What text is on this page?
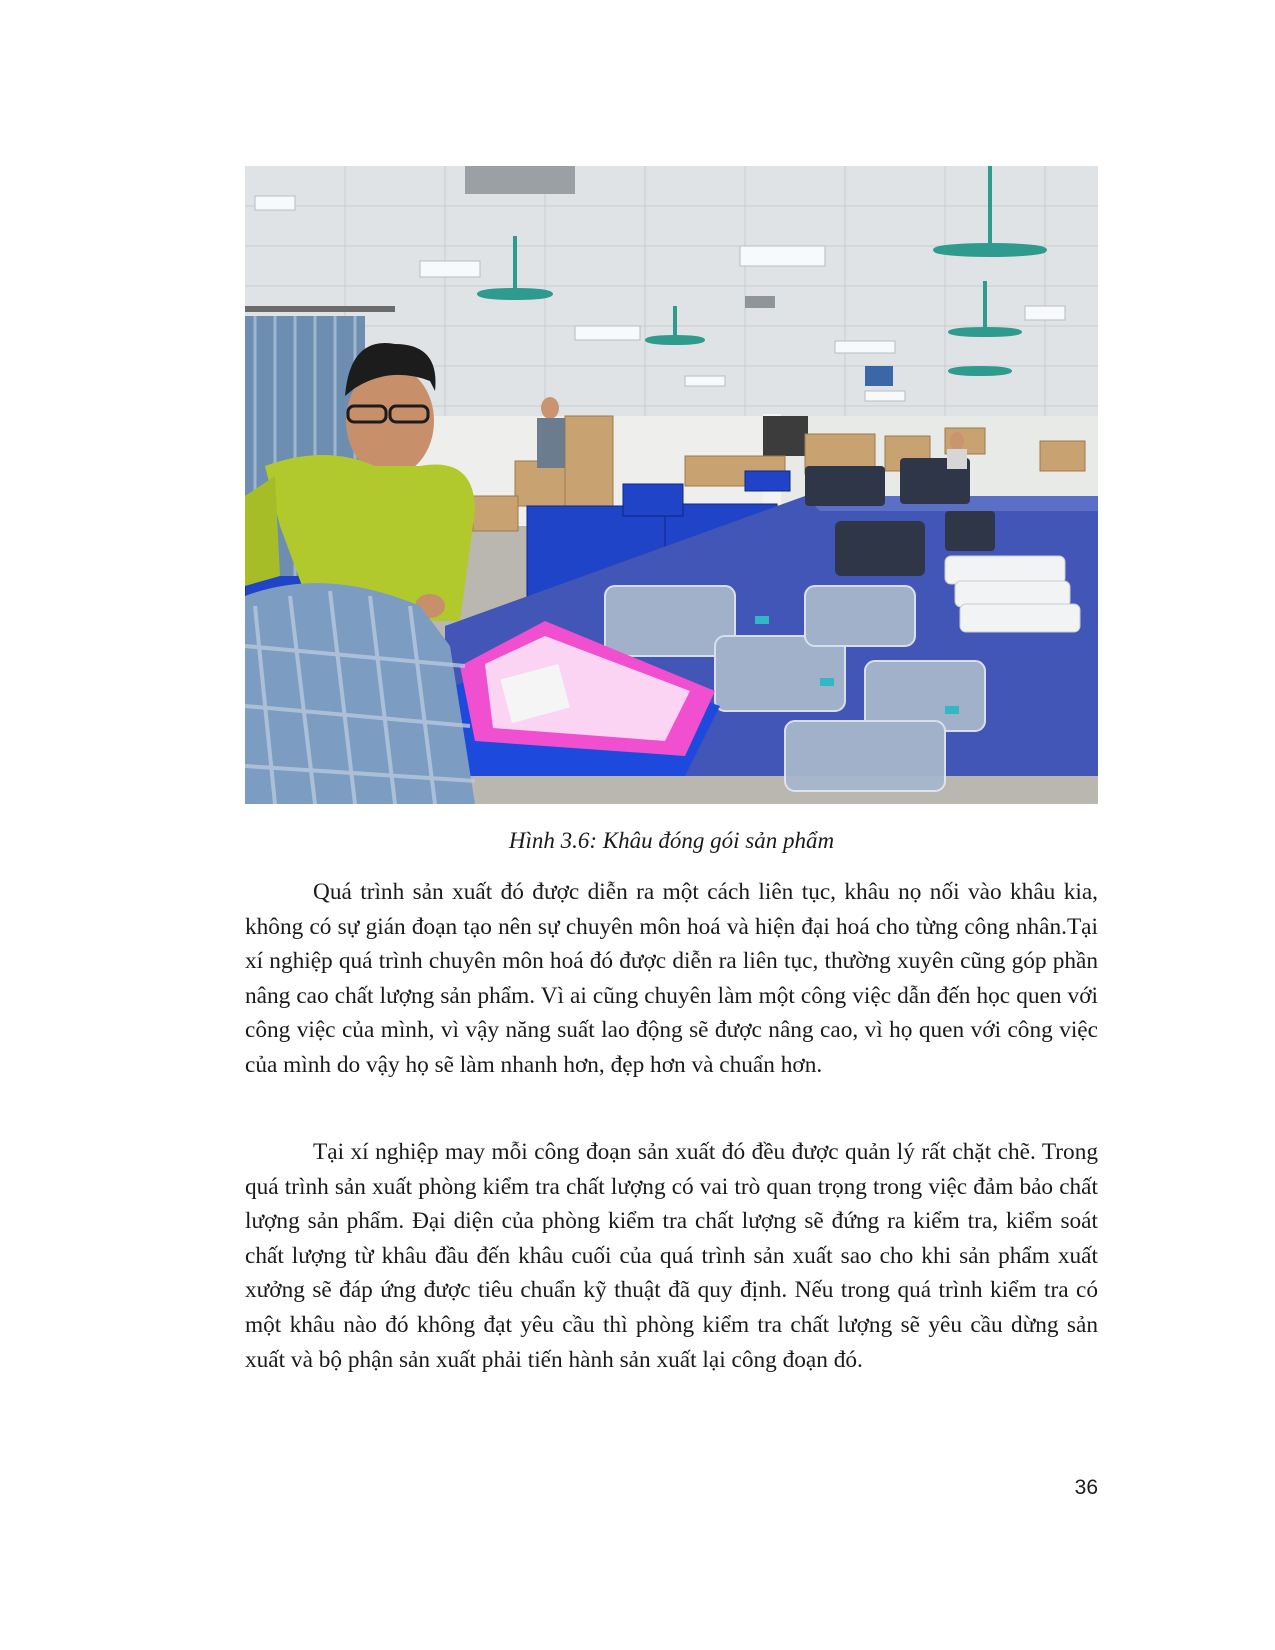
Hình 3.6: Khâu đóng gói sản phẩm

Quá trình sản xuất đó được diễn ra một cách liên tục, khâu nọ nối vào khâu kia, không có sự gián đoạn tạo nên sự chuyên môn hoá và hiện đại hoá cho từng công nhân.Tại xí nghiệp quá trình chuyên môn hoá đó được diễn ra liên tục, thường xuyên cũng góp phần nâng cao chất lượng sản phẩm. Vì ai cũng chuyên làm một công việc dẫn đến học quen với công việc của mình, vì vậy năng suất lao động sẽ được nâng cao, vì họ quen với công việc của mình do vậy họ sẽ làm nhanh hơn, đẹp hơn và chuẩn hơn.

Tại xí nghiệp may mỗi công đoạn sản xuất đó đều được quản lý rất chặt chẽ. Trong quá trình sản xuất phòng kiểm tra chất lượng có vai trò quan trọng trong việc đảm bảo chất lượng sản phẩm. Đại diện của phòng kiểm tra chất lượng sẽ đứng ra kiểm tra, kiểm soát chất lượng từ khâu đầu đến khâu cuối của quá trình sản xuất sao cho khi sản phẩm xuất xưởng sẽ đáp ứng được tiêu chuẩn kỹ thuật đã quy định. Nếu trong quá trình kiểm tra có một khâu nào đó không đạt yêu cầu thì phòng kiểm tra chất lượng sẽ yêu cầu dừng sản xuất và bộ phận sản xuất phải tiến hành sản xuất lại công đoạn đó.

36
